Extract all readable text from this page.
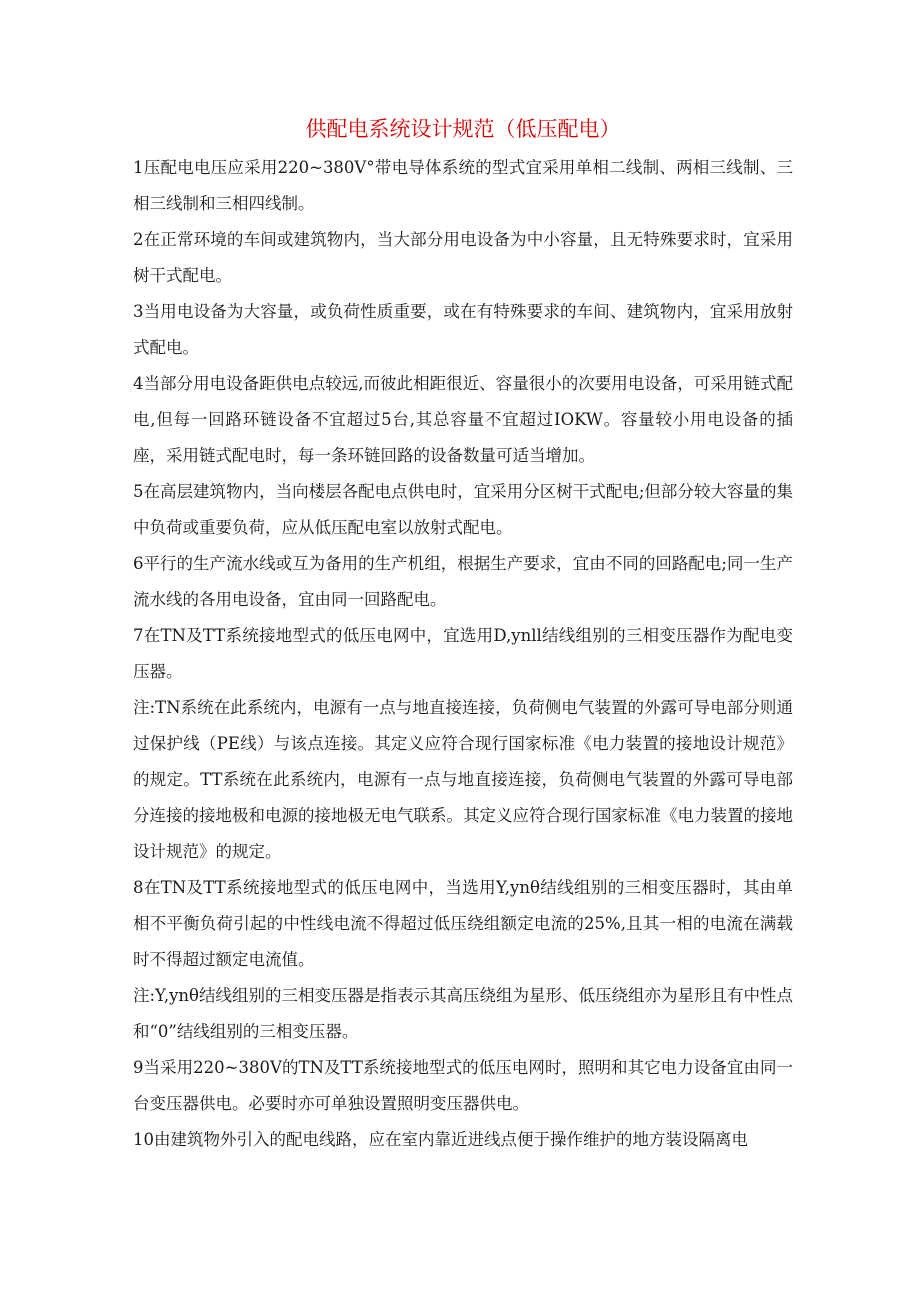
供配电系统设计规范（低压配电）

1压配电电压应采用220~380V°带电导体系统的型式宜采用单相二线制、两相三线制、三相三线制和三相四线制。

2在正常环境的车间或建筑物内，当大部分用电设备为中小容量，且无特殊要求时，宜采用树干式配电。

3当用电设备为大容量，或负荷性质重要，或在有特殊要求的车间、建筑物内，宜采用放射式配电。

4当部分用电设备距供电点较远,而彼此相距很近、容量很小的次要用电设备，可采用链式配电,但每一回路环链设备不宜超过5台,其总容量不宜超过IOKW。容量较小用电设备的插座，采用链式配电时，每一条环链回路的设备数量可适当增加。

5在高层建筑物内，当向楼层各配电点供电时，宜采用分区树干式配电;但部分较大容量的集中负荷或重要负荷，应从低压配电室以放射式配电。

6平行的生产流水线或互为备用的生产机组，根据生产要求，宜由不同的回路配电;同一生产流水线的各用电设备，宜由同一回路配电。

7在TN及TT系统接地型式的低压电网中，宜选用D,ynll结线组别的三相变压器作为配电变压器。

注:TN系统在此系统内，电源有一点与地直接连接，负荷侧电气装置的外露可导电部分则通过保护线（PE线）与该点连接。其定义应符合现行国家标准《电力装置的接地设计规范》的规定。TT系统在此系统内，电源有一点与地直接连接，负荷侧电气装置的外露可导电部分连接的接地极和电源的接地极无电气联系。其定义应符合现行国家标准《电力装置的接地设计规范》的规定。

8在TN及TT系统接地型式的低压电网中，当选用Y,ynθ结线组别的三相变压器时，其由单相不平衡负荷引起的中性线电流不得超过低压绕组额定电流的25%,且其一相的电流在满载时不得超过额定电流值。

注:Y,ynθ结线组别的三相变压器是指表示其高压绕组为星形、低压绕组亦为星形且有中性点和“0”结线组别的三相变压器。

9当采用220~380V的TN及TT系统接地型式的低压电网时，照明和其它电力设备宜由同一台变压器供电。必要时亦可单独设置照明变压器供电。

10由建筑物外引入的配电线路，应在室内靠近进线点便于操作维护的地方装设隔离电
